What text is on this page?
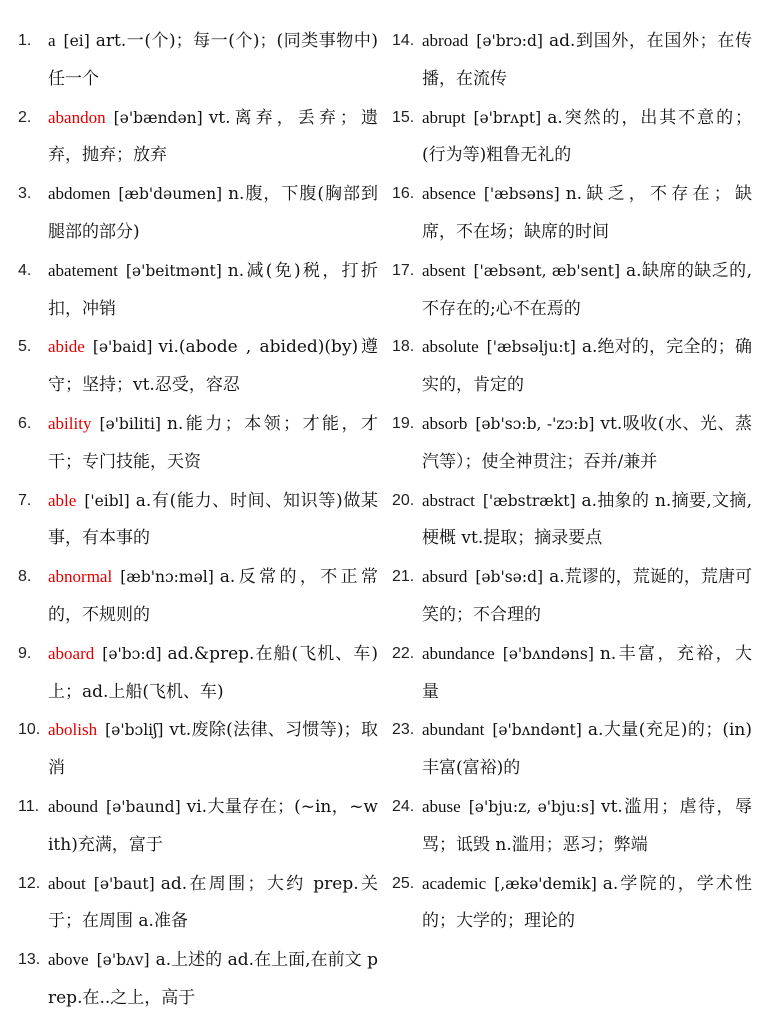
1. a [ei] art.一(个)；每一(个)；(同类事物中)任一个
2. abandon [ə'bændən] vt.离弃，丢弃；遗弃，抛弃；放弃
3. abdomen [æb'dəumen] n.腹，下腹(胸部到腿部的部分)
4. abatement [ə'beitmənt] n.减(免)税，打折扣，冲销
5. abide [ə'baid] vi.(abode , abided)(by)遵守；坚持；vt.忍受，容忍
6. ability [ə'biliti] n.能力；本领；才能，才干；专门技能，天资
7. able ['eibl] a.有(能力、时间、知识等)做某事，有本事的
8. abnormal [æb'nɔ:məl] a.反常的，不正常的，不规则的
9. aboard [ə'bɔ:d] ad.&prep.在船(飞机、车)上；ad.上船(飞机、车)
10. abolish [ə'bɔliʃ] vt.废除(法律、习惯等)；取消
11. abound [ə'baund] vi.大量存在；(~in，~with)充满，富于
12. about [ə'baut] ad.在周围；大约 prep.关于；在周围 a.准备
13. above [ə'bʌv] a.上述的 ad.在上面,在前文 prep.在..之上，高于
14. abroad [ə'brɔ:d] ad.到国外，在国外；在传播，在流传
15. abrupt [ə'brʌpt] a.突然的，出其不意的；(行为等)粗鲁无礼的
16. absence ['æbsəns] n.缺乏，不存在；缺席，不在场；缺席的时间
17. absent ['æbsənt, æb'sent] a.缺席的缺乏的,不存在的;心不在焉的
18. absolute ['æbsəlju:t] a.绝对的，完全的；确实的，肯定的
19. absorb [əb'sɔ:b, -'zɔ:b] vt.吸收(水、光、蒸汽等）；使全神贯注；吞并/兼并
20. abstract ['æbstrækt] a.抽象的 n.摘要,文摘,梗概 vt.提取；摘录要点
21. absurd [əb'sə:d] a.荒谬的，荒诞的，荒唐可笑的；不合理的
22. abundance [ə'bʌndəns] n.丰富，充裕，大量
23. abundant [ə'bʌndənt] a.大量(充足)的；(in)丰富(富裕)的
24. abuse [ə'bju:z, ə'bju:s] vt.滥用；虐待，辱骂；诋毁 n.滥用；恶习；弊端
25. academic [,ækə'demik] a.学院的，学术性的；大学的；理论的
